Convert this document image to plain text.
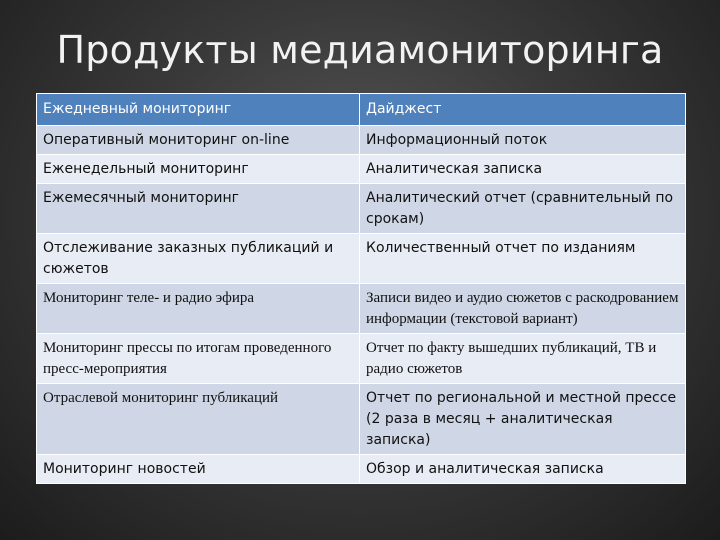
Продукты медиамониторинга
Ежедневный мониторинг	Дайджест
Оперативный мониторинг on-line	Информационный поток
Еженедельный мониторинг	Аналитическая записка
Ежемесячный мониторинг	Аналитический отчет (сравнительный по срокам)
Отслеживание заказных публикаций и сюжетов	Количественный отчет по изданиям
Мониторинг теле- и радио эфира	Записи видео и аудио сюжетов с раскодрованием информации (текстовой вариант)
Мониторинг прессы по итогам проведенного пресс-мероприятия	Отчет по факту вышедших публикаций, ТВ и радио сюжетов
Отраслевой мониторинг публикаций	Отчет по региональной и местной прессе (2 раза в месяц + аналитическая записка)
Мониторинг новостей	Обзор и аналитическая записка
